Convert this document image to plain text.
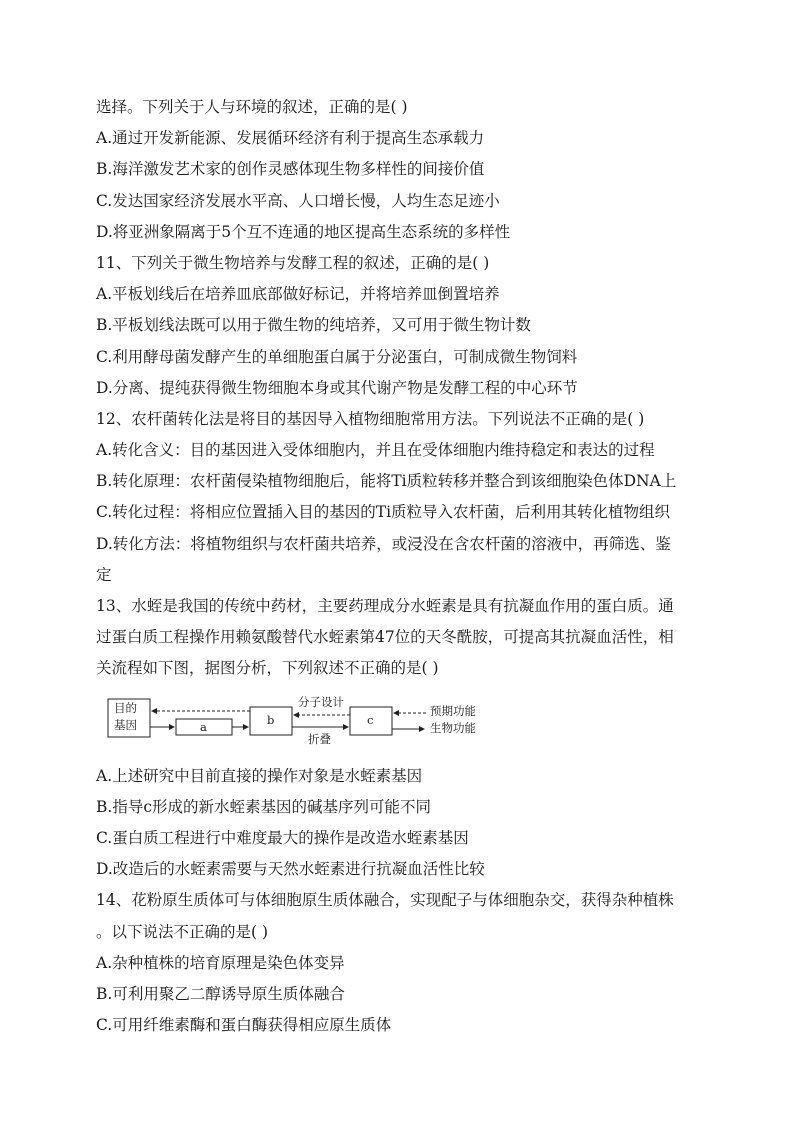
选择。下列关于人与环境的叙述，正确的是( )
A.通过开发新能源、发展循环经济有利于提高生态承载力
B.海洋激发艺术家的创作灵感体现生物多样性的间接价值
C.发达国家经济发展水平高、人口增长慢，人均生态足迹小
D.将亚洲象隔离于5个互不连通的地区提高生态系统的多样性
11、下列关于微生物培养与发酵工程的叙述，正确的是( )
A.平板划线后在培养皿底部做好标记，并将培养皿倒置培养
B.平板划线法既可以用于微生物的纯培养，又可用于微生物计数
C.利用酵母菌发酵产生的单细胞蛋白属于分泌蛋白，可制成微生物饲料
D.分离、提纯获得微生物细胞本身或其代谢产物是发酵工程的中心环节
12、农杆菌转化法是将目的基因导入植物细胞常用方法。下列说法不正确的是( )
A.转化含义：目的基因进入受体细胞内，并且在受体细胞内维持稳定和表达的过程
B.转化原理：农杆菌侵染植物细胞后，能将Ti质粒转移并整合到该细胞染色体DNA上
C.转化过程：将相应位置插入目的基因的Ti质粒导入农杆菌，后利用其转化植物组织
D.转化方法：将植物组织与农杆菌共培养，或浸没在含农杆菌的溶液中，再筛选、鉴
定
13、水蛭是我国的传统中药材，主要药理成分水蛭素是具有抗凝血作用的蛋白质。通
过蛋白质工程操作用赖氨酸替代水蛭素第47位的天冬酰胺，可提高其抗凝血活性，相
关流程如下图，据图分析，下列叙述不正确的是( )
目的
基因	a	b	c
分子设计
折叠
预期功能
生物功能
A.上述研究中目前直接的操作对象是水蛭素基因
B.指导c形成的新水蛭素基因的碱基序列可能不同
C.蛋白质工程进行中难度最大的操作是改造水蛭素基因
D.改造后的水蛭素需要与天然水蛭素进行抗凝血活性比较
14、花粉原生质体可与体细胞原生质体融合，实现配子与体细胞杂交，获得杂种植株
。以下说法不正确的是( )
A.杂种植株的培育原理是染色体变异
B.可利用聚乙二醇诱导原生质体融合
C.可用纤维素酶和蛋白酶获得相应原生质体
